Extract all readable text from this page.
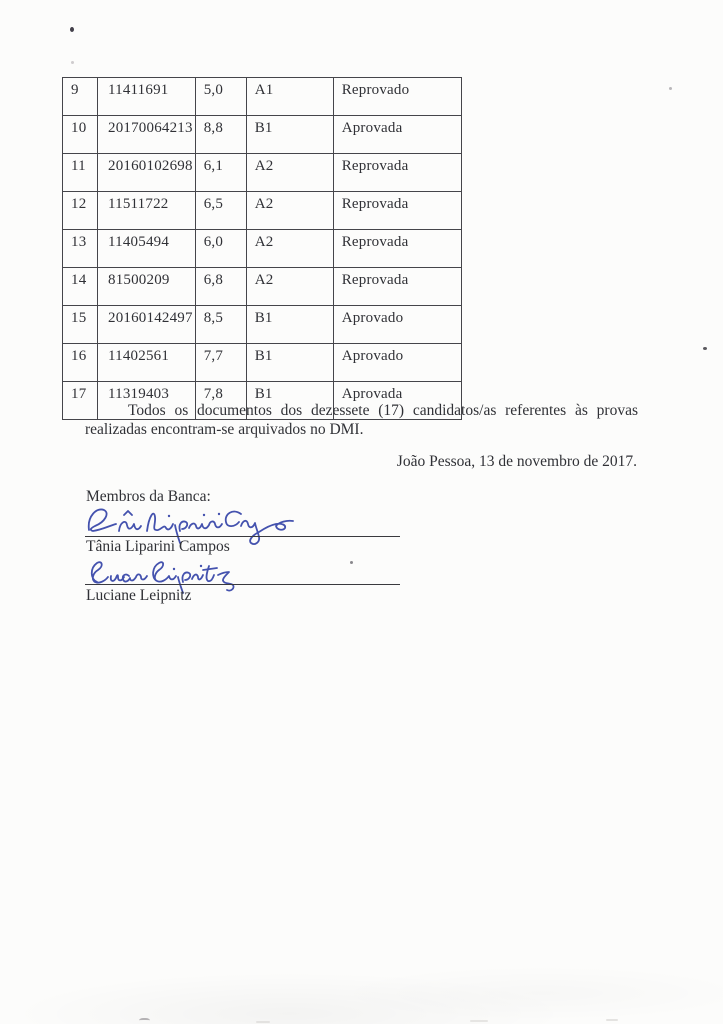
9	11411691	5,0	A1	Reprovado
10	20170064213	8,8	B1	Aprovada
11	20160102698	6,1	A2	Reprovada
12	11511722	6,5	A2	Reprovada
13	11405494	6,0	A2	Reprovada
14	81500209	6,8	A2	Reprovada
15	20160142497	8,5	B1	Aprovado
16	11402561	7,7	B1	Aprovado
17	11319403	7,8	B1	Aprovada

Todos os documentos dos dezessete (17) candidatos/as referentes às provas realizadas encontram-se arquivados no DMI.

João Pessoa, 13 de novembro de 2017.

Membros da Banca:

Tânia Liparini Campos

Luciane Leipnitz
